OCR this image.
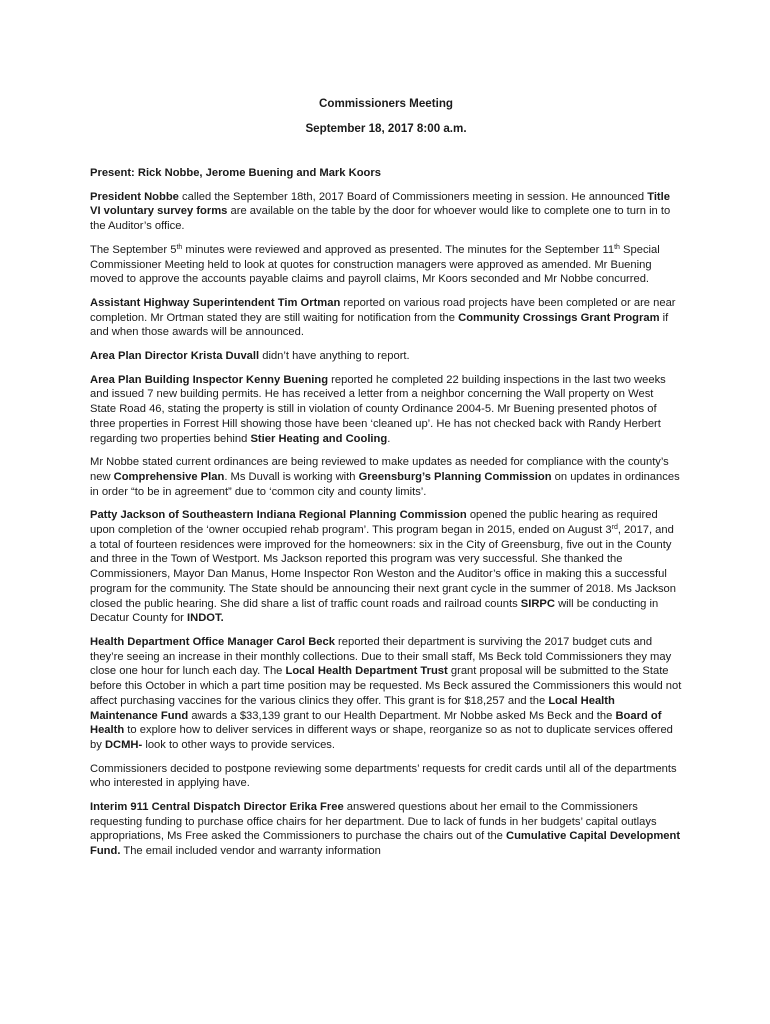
Commissioners Meeting
September 18, 2017 8:00 a.m.

Present: Rick Nobbe, Jerome Buening and Mark Koors

President Nobbe called the September 18th, 2017 Board of Commissioners meeting in session. He announced Title VI voluntary survey forms are available on the table by the door for whoever would like to complete one to turn in to the Auditor’s office.

The September 5th minutes were reviewed and approved as presented. The minutes for the September 11th Special Commissioner Meeting held to look at quotes for construction managers were approved as amended. Mr Buening moved to approve the accounts payable claims and payroll claims, Mr Koors seconded and Mr Nobbe concurred.

Assistant Highway Superintendent Tim Ortman reported on various road projects have been completed or are near completion. Mr Ortman stated they are still waiting for notification from the Community Crossings Grant Program if and when those awards will be announced.

Area Plan Director Krista Duvall didn’t have anything to report.

Area Plan Building Inspector Kenny Buening reported he completed 22 building inspections in the last two weeks and issued 7 new building permits. He has received a letter from a neighbor concerning the Wall property on West State Road 46, stating the property is still in violation of county Ordinance 2004-5. Mr Buening presented photos of three properties in Forrest Hill showing those have been ‘cleaned up’. He has not checked back with Randy Herbert regarding two properties behind Stier Heating and Cooling.

Mr Nobbe stated current ordinances are being reviewed to make updates as needed for compliance with the county’s new Comprehensive Plan. Ms Duvall is working with Greensburg’s Planning Commission on updates in ordinances in order “to be in agreement” due to ‘common city and county limits’.

Patty Jackson of Southeastern Indiana Regional Planning Commission opened the public hearing as required upon completion of the ‘owner occupied rehab program’. This program began in 2015, ended on August 3rd, 2017, and a total of fourteen residences were improved for the homeowners: six in the City of Greensburg, five out in the County and three in the Town of Westport. Ms Jackson reported this program was very successful. She thanked the Commissioners, Mayor Dan Manus, Home Inspector Ron Weston and the Auditor’s office in making this a successful program for the community. The State should be announcing their next grant cycle in the summer of 2018. Ms Jackson closed the public hearing. She did share a list of traffic count roads and railroad counts SIRPC will be conducting in Decatur County for INDOT.

Health Department Office Manager Carol Beck reported their department is surviving the 2017 budget cuts and they’re seeing an increase in their monthly collections. Due to their small staff, Ms Beck told Commissioners they may close one hour for lunch each day. The Local Health Department Trust grant proposal will be submitted to the State before this October in which a part time position may be requested. Ms Beck assured the Commissioners this would not affect purchasing vaccines for the various clinics they offer. This grant is for $18,257 and the Local Health Maintenance Fund awards a $33,139 grant to our Health Department. Mr Nobbe asked Ms Beck and the Board of Health to explore how to deliver services in different ways or shape, reorganize so as not to duplicate services offered by DCMH- look to other ways to provide services.

Commissioners decided to postpone reviewing some departments’ requests for credit cards until all of the departments who interested in applying have.

Interim 911 Central Dispatch Director Erika Free answered questions about her email to the Commissioners requesting funding to purchase office chairs for her department. Due to lack of funds in her budgets’ capital outlays appropriations, Ms Free asked the Commissioners to purchase the chairs out of the Cumulative Capital Development Fund. The email included vendor and warranty information
